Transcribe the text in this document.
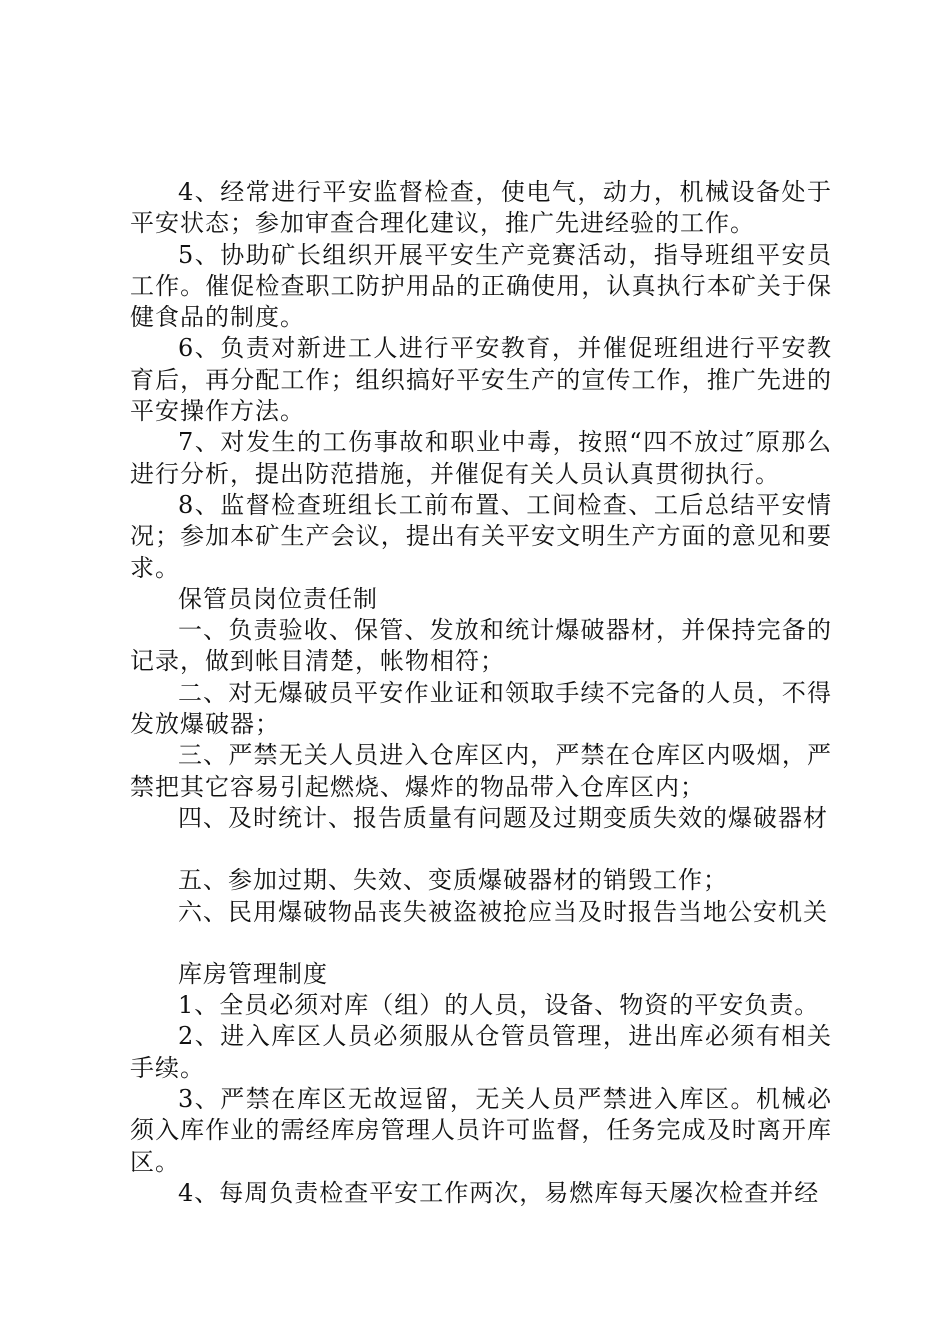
4、经常进行平安监督检查，使电气，动力，机械设备处于平安状态；参加审查合理化建议，推广先进经验的工作。

5、协助矿长组织开展平安生产竞赛活动，指导班组平安员工作。催促检查职工防护用品的正确使用，认真执行本矿关于保健食品的制度。

6、负责对新进工人进行平安教育，并催促班组进行平安教育后，再分配工作；组织搞好平安生产的宣传工作，推广先进的平安操作方法。

7、对发生的工伤事故和职业中毒，按照“四不放过″原那么进行分析，提出防范措施，并催促有关人员认真贯彻执行。

8、监督检查班组长工前布置、工间检查、工后总结平安情况；参加本矿生产会议，提出有关平安文明生产方面的意见和要求。

保管员岗位责任制

一、负责验收、保管、发放和统计爆破器材，并保持完备的记录，做到帐目清楚，帐物相符；

二、对无爆破员平安作业证和领取手续不完备的人员，不得发放爆破器；

三、严禁无关人员进入仓库区内，严禁在仓库区内吸烟，严禁把其它容易引起燃烧、爆炸的物品带入仓库区内；

四、及时统计、报告质量有问题及过期变质失效的爆破器材

五、参加过期、失效、变质爆破器材的销毁工作；

六、民用爆破物品丧失被盗被抢应当及时报告当地公安机关

库房管理制度

1、全员必须对库（组）的人员，设备、物资的平安负责。

2、进入库区人员必须服从仓管员管理，进出库必须有相关手续。

3、严禁在库区无故逗留，无关人员严禁进入库区。机械必须入库作业的需经库房管理人员许可监督，任务完成及时离开库区。

4、每周负责检查平安工作两次，易燃库每天屡次检查并经
